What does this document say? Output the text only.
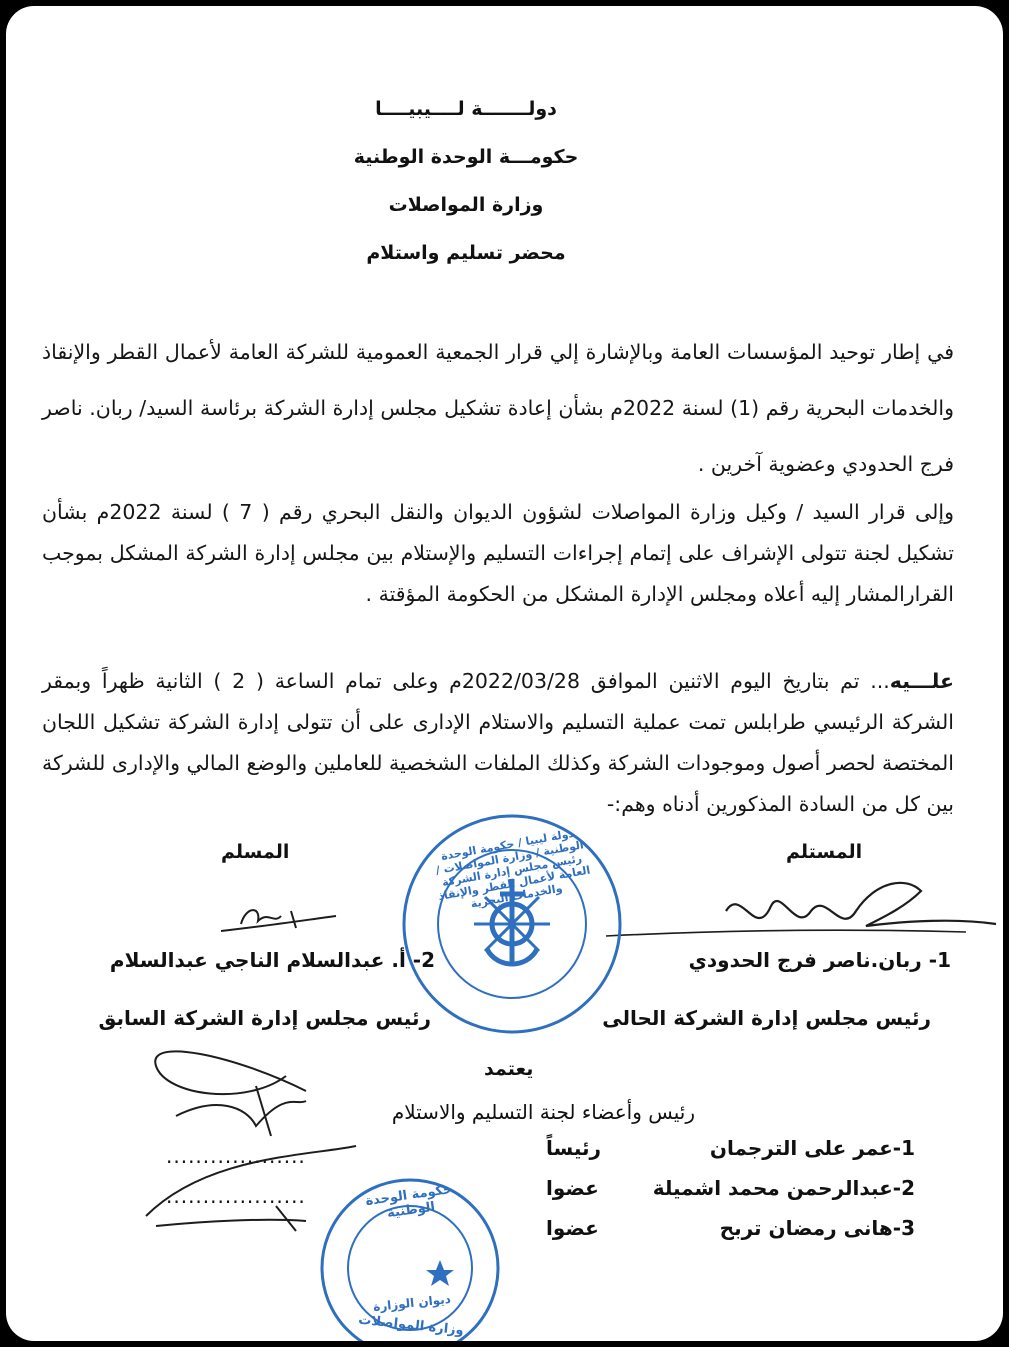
دولـــــــة لــــيبيــــا
حكومـــة الوحدة الوطنية
وزارة المواصلات
محضر تسليم واستلام
في إطار توحيد المؤسسات العامة وبالإشارة إلي قرار الجمعية العمومية للشركة العامة لأعمال القطر والإنقاذ والخدمات البحرية رقم (1) لسنة 2022م بشأن إعادة تشكيل مجلس إدارة الشركة برئاسة السيد/ ربان. ناصر فرج الحدودي وعضوية آخرين .
وإلى قرار السيد / وكيل وزارة المواصلات لشؤون الديوان والنقل البحري رقم ( 7 ) لسنة 2022م بشأن تشكيل لجنة تتولى الإشراف على إتمام إجراءات التسليم والإستلام بين مجلس إدارة الشركة المشكل بموجب القرارالمشار إليه أعلاه ومجلس الإدارة المشكل من الحكومة المؤقتة .
علـــيه... تم بتاريخ اليوم الاثنين الموافق 2022/03/28م وعلى تمام الساعة ( 2 ) الثانية ظهراً وبمقر الشركة الرئيسي طرابلس تمت عملية التسليم والاستلام الإدارى على أن تتولى إدارة الشركة تشكيل اللجان المختصة لحصر أصول وموجودات الشركة وكذلك الملفات الشخصية للعاملين والوضع المالي والإدارى للشركة بين كل من السادة المذكورين أدناه وهم:-
المستلم
المسلم
1- ربان.ناصر فرج الحدودي
2- أ. عبدالسلام الناجي عبدالسلام
رئيس مجلس إدارة الشركة الحالى
رئيس مجلس إدارة الشركة السابق
يعتمد
رئيس وأعضاء لجنة التسليم والاستلام
1-عمر على الترجمان
رئيساً
...................
2-عبدالرحمن محمد اشميلة
عضوا
...................
3-هانى رمضان تربح
عضوا
دولة ليبيا / حكومة الوحدة الوطنية / وزارة المواصلات / رئيس مجلس إدارة الشركة العامة لأعمال القطر والإنقاذ والخدمات البحرية
حكومة الوحدة الوطنية
ديوان الوزارة
وزارة المواصلات
